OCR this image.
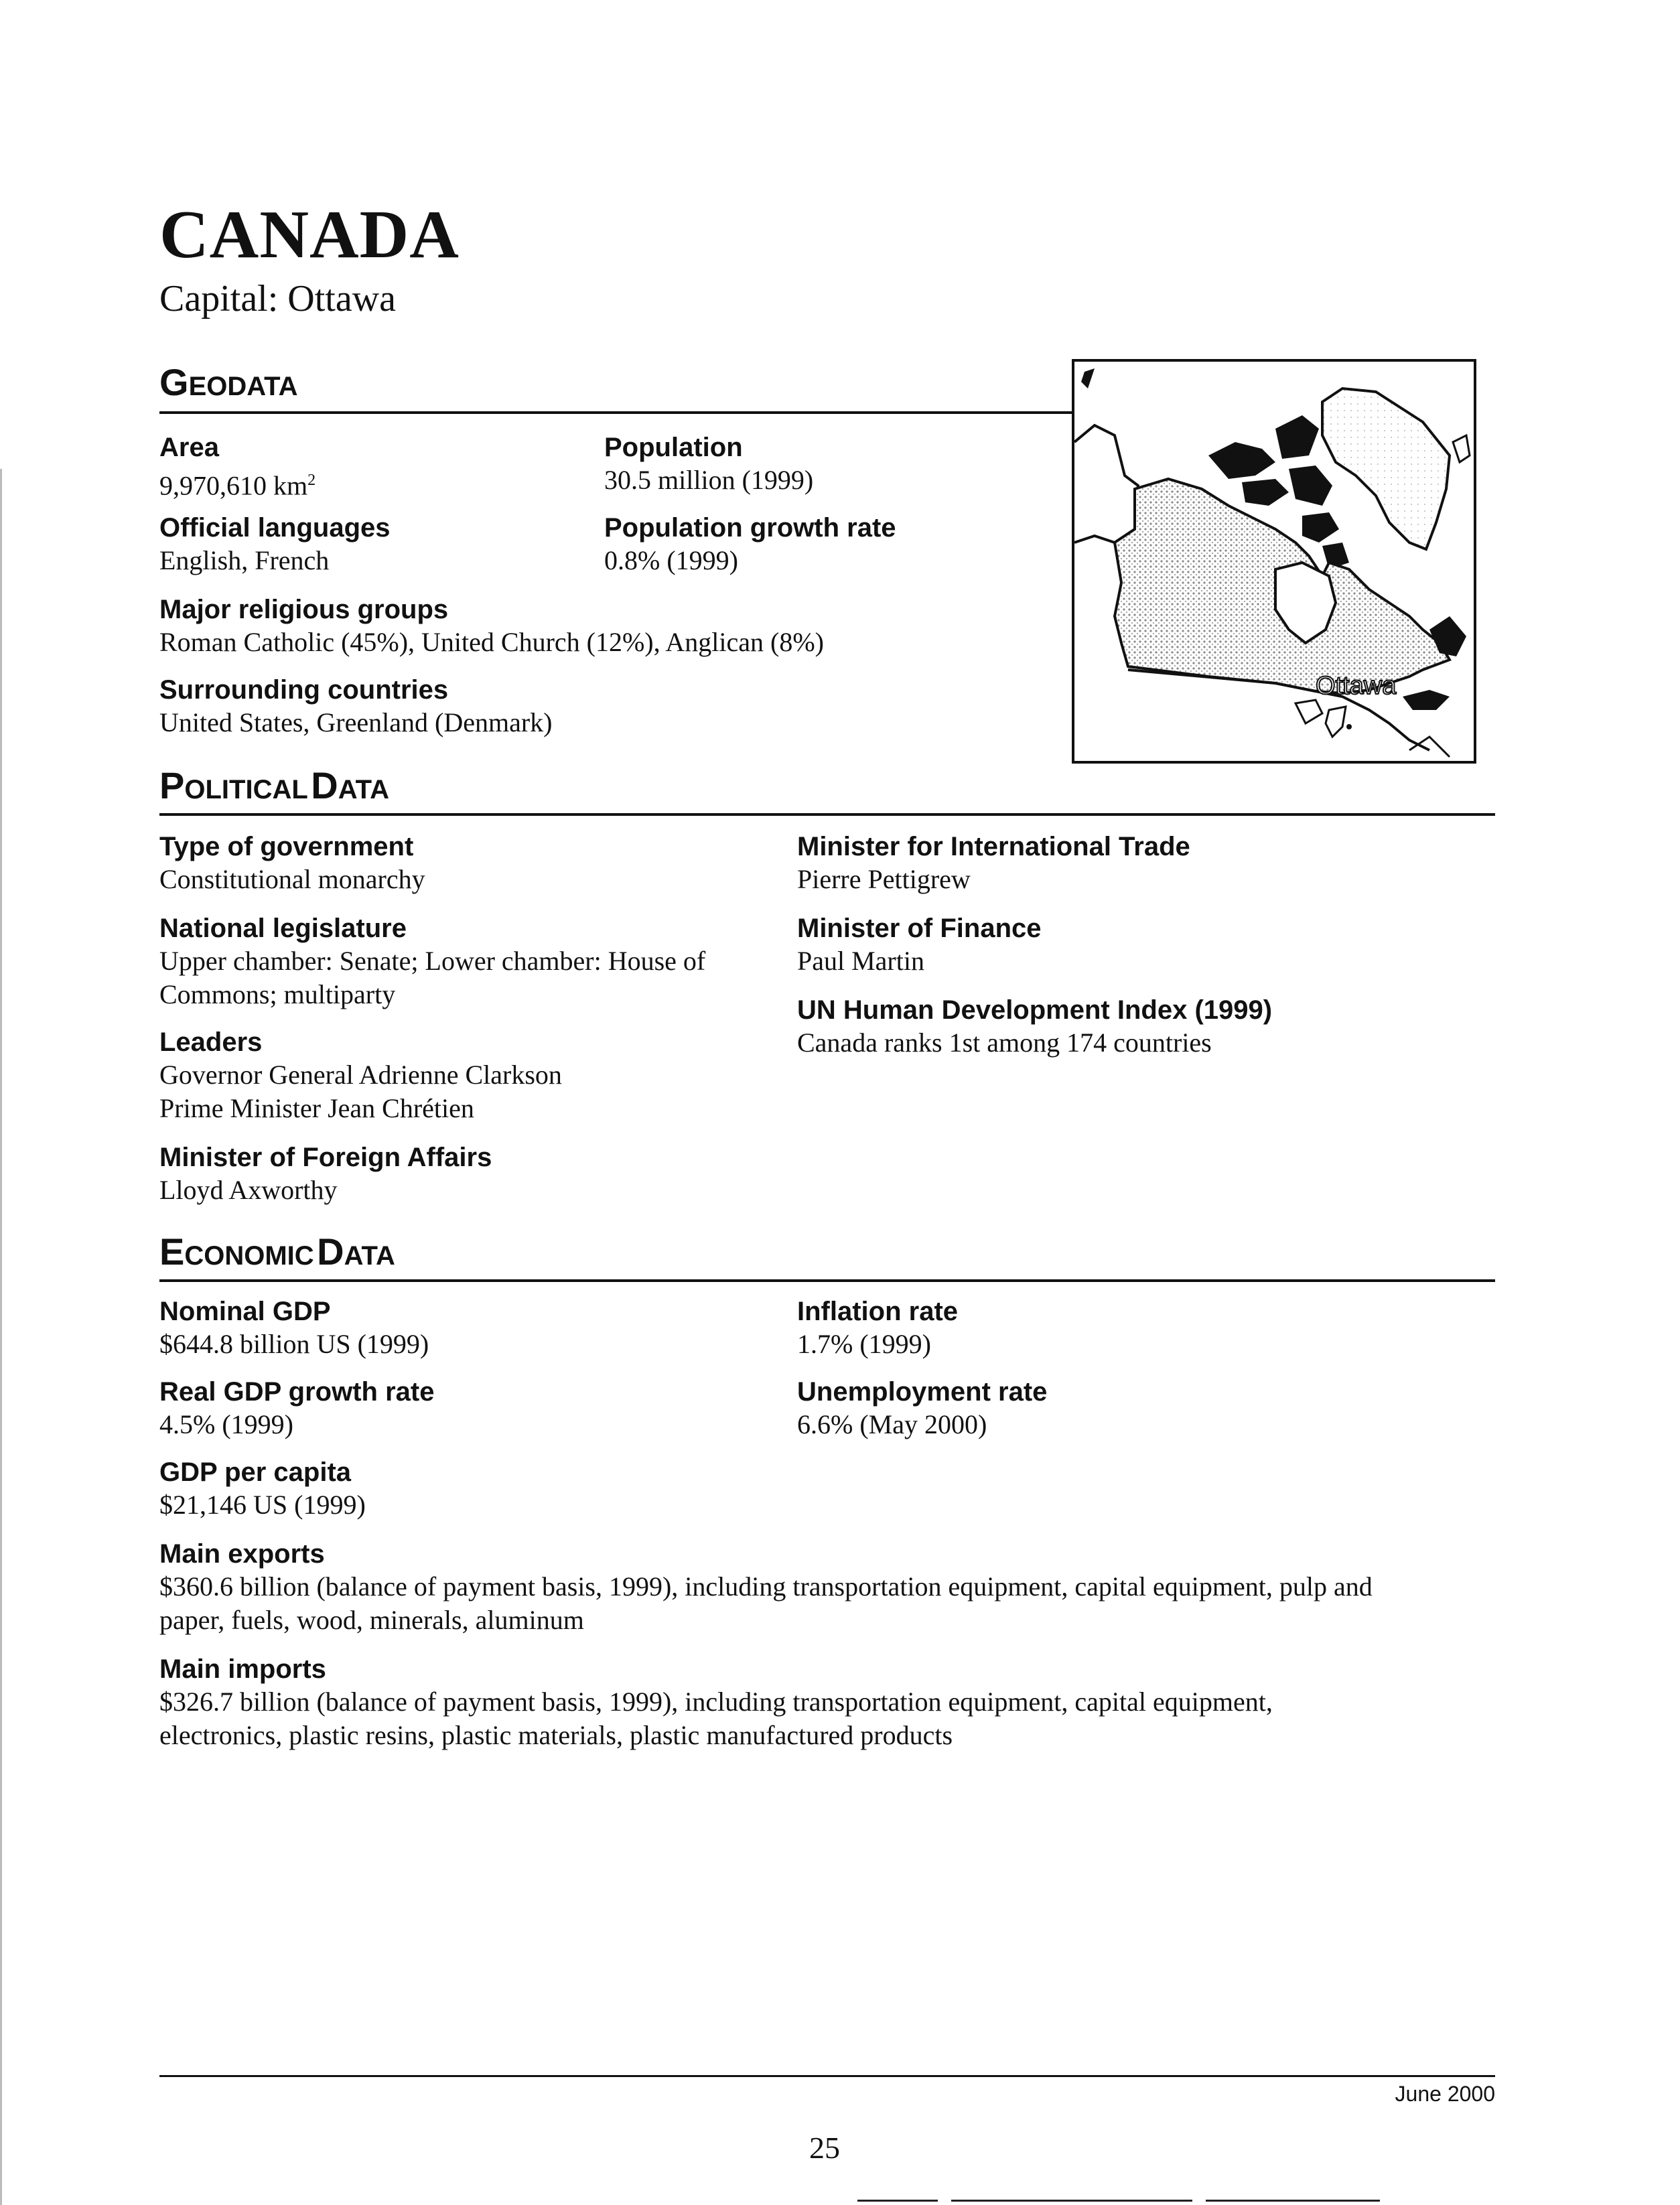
CANADA
Capital: Ottawa
GEODATA
Area
9,970,610 $km^2$
Population
30.5 million (1999)
Official languages
English, French
Population growth rate
0.8% (1999)
Major religious groups
Roman Catholic (45%), United Church (12%), Anglican (8%)
Surrounding countries
United States, Greenland (Denmark)
Ottawa
POLITICAL DATA
Type of government
Constitutional monarchy
National legislature
Upper chamber: Senate; Lower chamber: House of
Commons; multiparty
Leaders
Governor General Adrienne Clarkson
Prime Minister Jean Chrétien
Minister of Foreign Affairs
Lloyd Axworthy
Minister for International Trade
Pierre Pettigrew
Minister of Finance
Paul Martin
UN Human Development Index (1999)
Canada ranks 1st among 174 countries
ECONOMIC DATA
Nominal GDP
$644.8 billion US (1999)
Real GDP growth rate
4.5% (1999)
GDP per capita
$21,146 US (1999)
Inflation rate
1.7% (1999)
Unemployment rate
6.6% (May 2000)
Main exports
$360.6 billion (balance of payment basis, 1999), including transportation equipment, capital equipment, pulp and
paper, fuels, wood, minerals, aluminum
Main imports
$326.7 billion (balance of payment basis, 1999), including transportation equipment, capital equipment,
electronics, plastic resins, plastic materials, plastic manufactured products
June 2000
25
